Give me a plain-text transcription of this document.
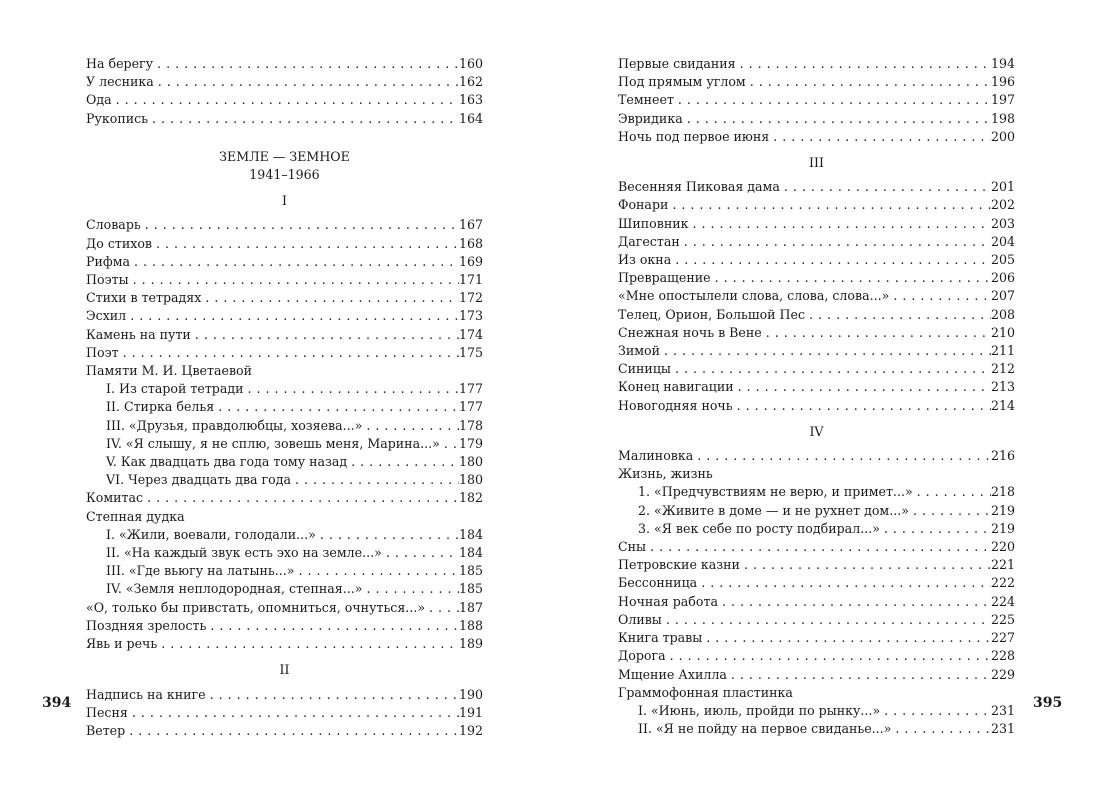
394	395
На берегу . . .	160
У лесника . . .	162
Ода . . .	163
Рукопись . . .	164
ЗЕМЛЕ — ЗЕМНОЕ
1941–1966
I
Словарь . . .	167
До стихов . . .	168
Рифма . . .	169
Поэты . . .	171
Стихи в тетрадях . . .	172
Эсхил . . .	173
Камень на пути . . .	174
Поэт . . .	175
Памяти М. И. Цветаевой
I. Из старой тетради . . .	177
II. Стирка белья . . .	177
III. «Друзья, правдолюбцы, хозяева...» . . .	178
IV. «Я слышу, я не сплю, зовешь меня, Марина...» . . .	179
V. Как двадцать два года тому назад . . .	180
VI. Через двадцать два года . . .	180
Комитас . . .	182
Степная дудка
I. «Жили, воевали, голодали...» . . .	184
II. «На каждый звук есть эхо на земле...» . . .	184
III. «Где вьюгу на латынь...» . . .	185
IV. «Земля неплодородная, степная...» . . .	185
«О, только бы привстать, опомниться, очнуться...» . . .	187
Поздняя зрелость . . .	188
Явь и речь . . .	189
II
Надпись на книге . . .	190
Песня . . .	191
Ветер . . .	192
Первые свидания . . .	194
Под прямым углом . . .	196
Темнеет . . .	197
Эвридика . . .	198
Ночь под первое июня . . .	200
III
Весенняя Пиковая дама . . .	201
Фонари . . .	202
Шиповник . . .	203
Дагестан . . .	204
Из окна . . .	205
Превращение . . .	206
«Мне опостылели слова, слова, слова...» . . .	207
Телец, Орион, Большой Пес . . .	208
Снежная ночь в Вене . . .	210
Зимой . . .	211
Синицы . . .	212
Конец навигации . . .	213
Новогодняя ночь . . .	214
IV
Малиновка . . .	216
Жизнь, жизнь
1. «Предчувствиям не верю, и примет...» . . .	218
2. «Живите в доме — и не рухнет дом...» . . .	219
3. «Я век себе по росту подбирал...» . . .	219
Сны . . .	220
Петровские казни . . .	221
Бессонница . . .	222
Ночная работа . . .	224
Оливы . . .	225
Книга травы . . .	227
Дорога . . .	228
Мщение Ахилла . . .	229
Граммофонная пластинка
I. «Июнь, июль, пройди по рынку...» . . .	231
II. «Я не пойду на первое свиданье...» . . .	231
